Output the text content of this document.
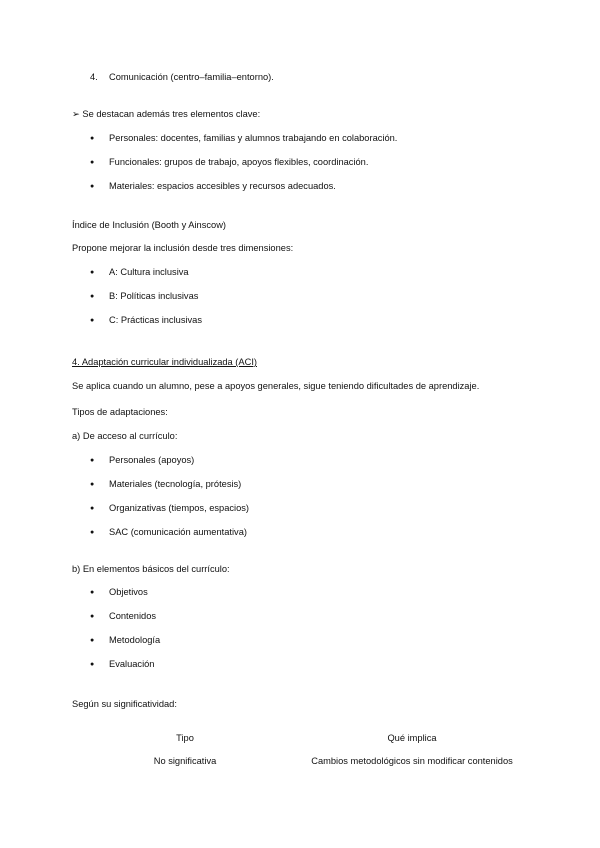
4. Comunicación (centro–familia–entorno).
➢ Se destacan además tres elementos clave:
● Personales: docentes, familias y alumnos trabajando en colaboración.
● Funcionales: grupos de trabajo, apoyos flexibles, coordinación.
● Materiales: espacios accesibles y recursos adecuados.
Índice de Inclusión (Booth y Ainscow)
Propone mejorar la inclusión desde tres dimensiones:
● A: Cultura inclusiva
● B: Políticas inclusivas
● C: Prácticas inclusivas
4. Adaptación curricular individualizada (ACI)
Se aplica cuando un alumno, pese a apoyos generales, sigue teniendo dificultades de aprendizaje.
Tipos de adaptaciones:
a) De acceso al currículo:
● Personales (apoyos)
● Materiales (tecnología, prótesis)
● Organizativas (tiempos, espacios)
● SAC (comunicación aumentativa)
b) En elementos básicos del currículo:
● Objetivos
● Contenidos
● Metodología
● Evaluación
Según su significatividad:
Tipo	Qué implica
No significativa	Cambios metodológicos sin modificar contenidos
